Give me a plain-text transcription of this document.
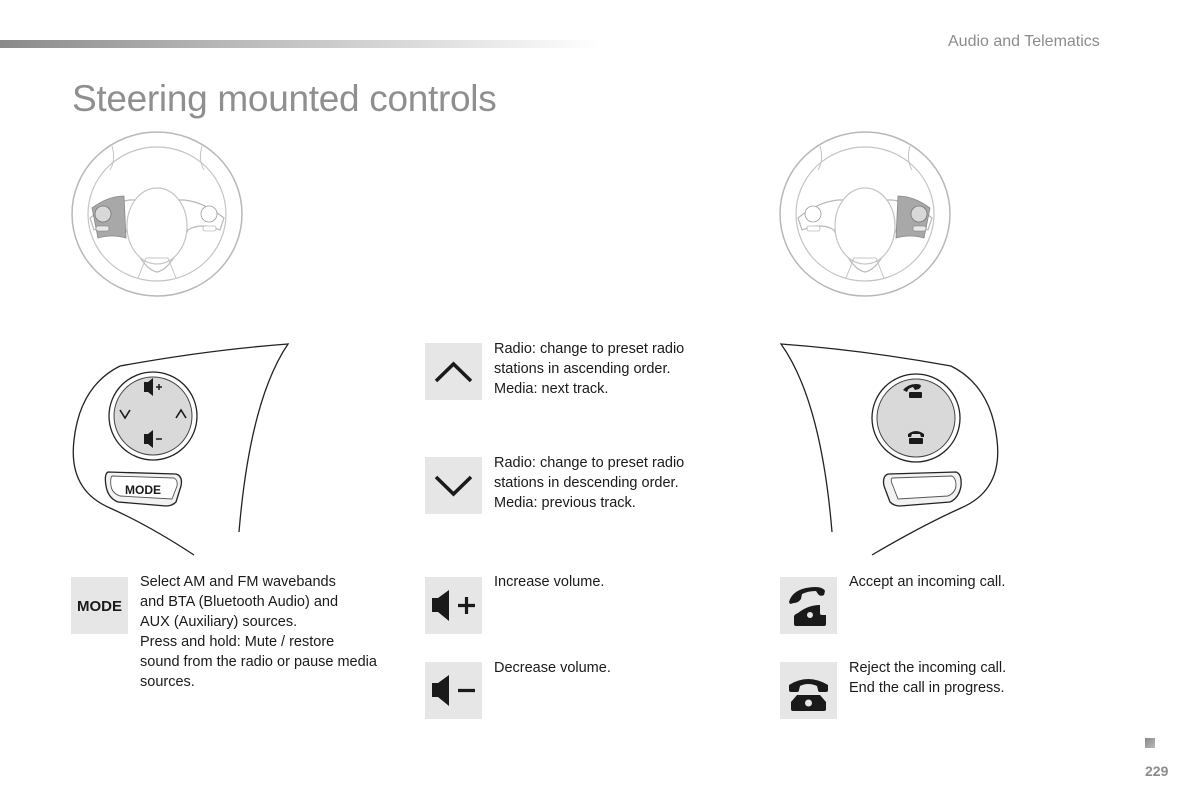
Audio and Telematics
Steering mounted controls
MODE
Radio: change to preset radio
stations in ascending order.
Media: next track.
Radio: change to preset radio
stations in descending order.
Media: previous track.
MODE
Select AM and FM wavebands
and BTA (Bluetooth Audio) and
AUX (Auxiliary) sources.
Press and hold: Mute / restore
sound from the radio or pause media
sources.
Increase volume.
Decrease volume.
Accept an incoming call.
Reject the incoming call.
End the call in progress.
229
